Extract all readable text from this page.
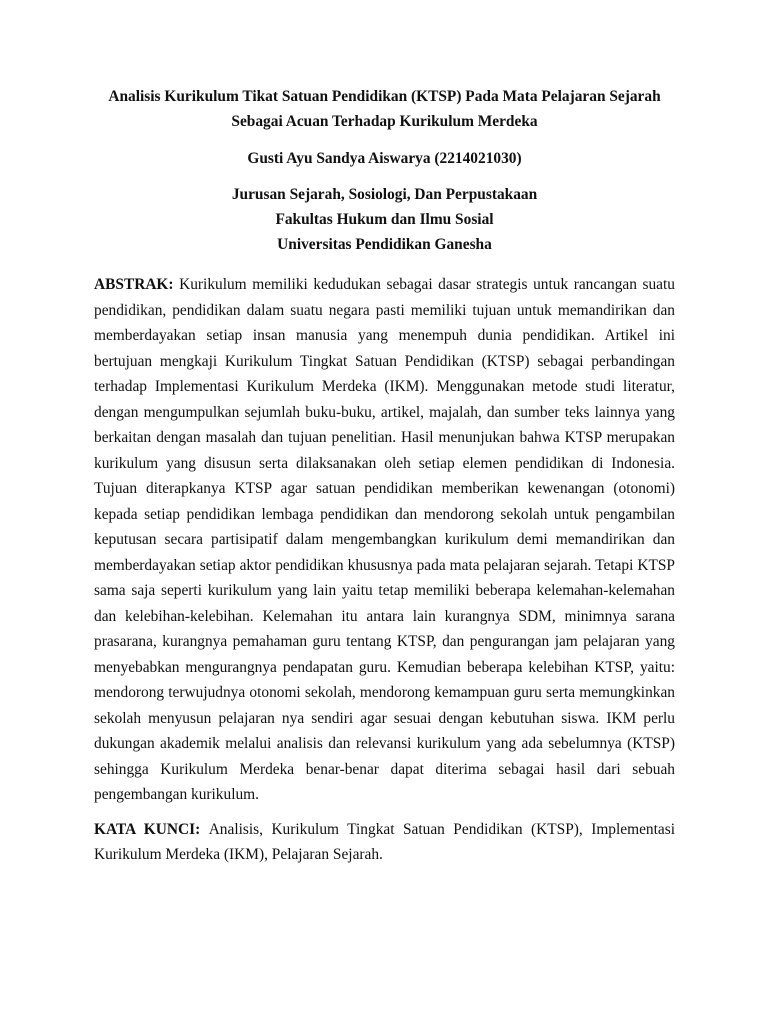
Analisis Kurikulum Tikat Satuan Pendidikan (KTSP) Pada Mata Pelajaran Sejarah
Sebagai Acuan Terhadap Kurikulum Merdeka
Gusti Ayu Sandya Aiswarya (2214021030)
Jurusan Sejarah, Sosiologi, Dan Perpustakaan
Fakultas Hukum dan Ilmu Sosial
Universitas Pendidikan Ganesha
ABSTRAK: Kurikulum memiliki kedudukan sebagai dasar strategis untuk rancangan suatu pendidikan, pendidikan dalam suatu negara pasti memiliki tujuan untuk memandirikan dan memberdayakan setiap insan manusia yang menempuh dunia pendidikan. Artikel ini bertujuan mengkaji Kurikulum Tingkat Satuan Pendidikan (KTSP) sebagai perbandingan terhadap Implementasi Kurikulum Merdeka (IKM). Menggunakan metode studi literatur, dengan mengumpulkan sejumlah buku-buku, artikel, majalah, dan sumber teks lainnya yang berkaitan dengan masalah dan tujuan penelitian. Hasil menunjukan bahwa KTSP merupakan kurikulum yang disusun serta dilaksanakan oleh setiap elemen pendidikan di Indonesia. Tujuan diterapkanya KTSP agar satuan pendidikan memberikan kewenangan (otonomi) kepada setiap pendidikan lembaga pendidikan dan mendorong sekolah untuk pengambilan keputusan secara partisipatif dalam mengembangkan kurikulum demi memandirikan dan memberdayakan setiap aktor pendidikan khususnya pada mata pelajaran sejarah. Tetapi KTSP sama saja seperti kurikulum yang lain yaitu tetap memiliki beberapa kelemahan-kelemahan dan kelebihan-kelebihan. Kelemahan itu antara lain kurangnya SDM, minimnya sarana prasarana, kurangnya pemahaman guru tentang KTSP, dan pengurangan jam pelajaran yang menyebabkan mengurangnya pendapatan guru. Kemudian beberapa kelebihan KTSP, yaitu: mendorong terwujudnya otonomi sekolah, mendorong kemampuan guru serta memungkinkan sekolah menyusun pelajaran nya sendiri agar sesuai dengan kebutuhan siswa. IKM perlu dukungan akademik melalui analisis dan relevansi kurikulum yang ada sebelumnya (KTSP) sehingga Kurikulum Merdeka benar-benar dapat diterima sebagai hasil dari sebuah pengembangan kurikulum.
KATA KUNCI: Analisis, Kurikulum Tingkat Satuan Pendidikan (KTSP), Implementasi Kurikulum Merdeka (IKM), Pelajaran Sejarah.
